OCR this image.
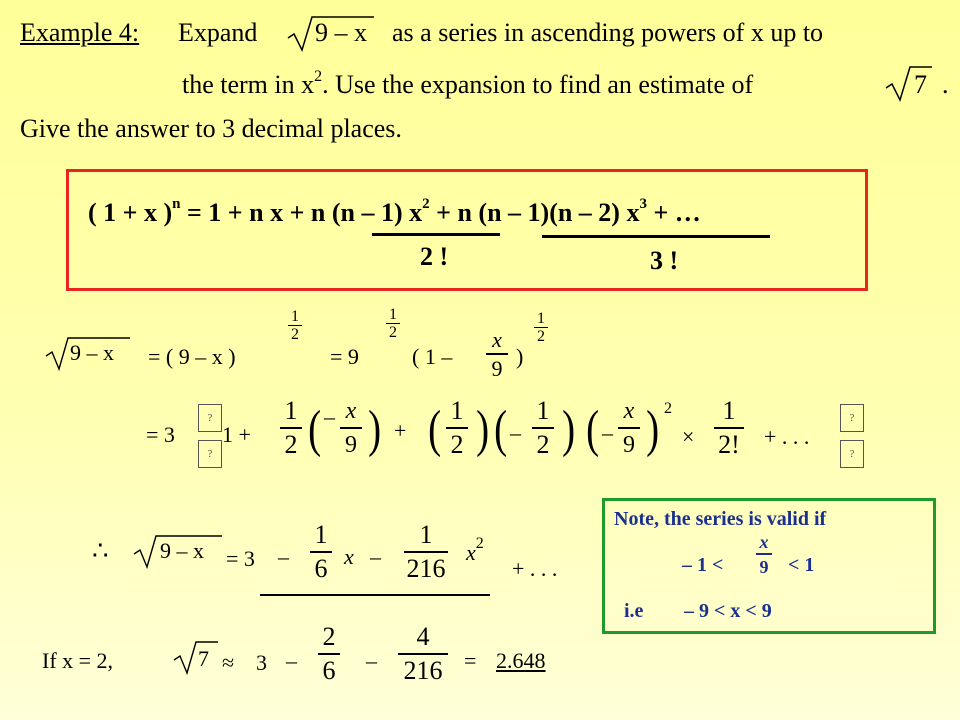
Example 4: Expand 9 – x as a series in ascending powers of x up to
the term in $x^2$. Use the expansion to find an estimate of	7 .
Give the answer to 3 decimal places.
( 1 + x )$^n$ = 1 + n x + n (n – 1) $x^2 + n$ (n – 1)(n – 2) $x^3$ + …
2 !	3 !
9 – x = ( 9 – x )
1
2
= 9
1
2
( 1 –
x
9 )
1
2
= 3
?
?
1 +
1
2 ( – x
9 ) + ( 1
2 ) ( –
1
2 ) ( –
x
9 ) 2
×
1
2! + . . .
?
?
∴ 9 – x = 3 –
1
6 x –
1
216
$x^2$
+ . . .
Note, the series is valid if
– 1 <
x
9 < 1
i.e – 9 < x < 9
If x = 2,	7 ≈ 3 –
2
6 –
4
216 = 2.648
